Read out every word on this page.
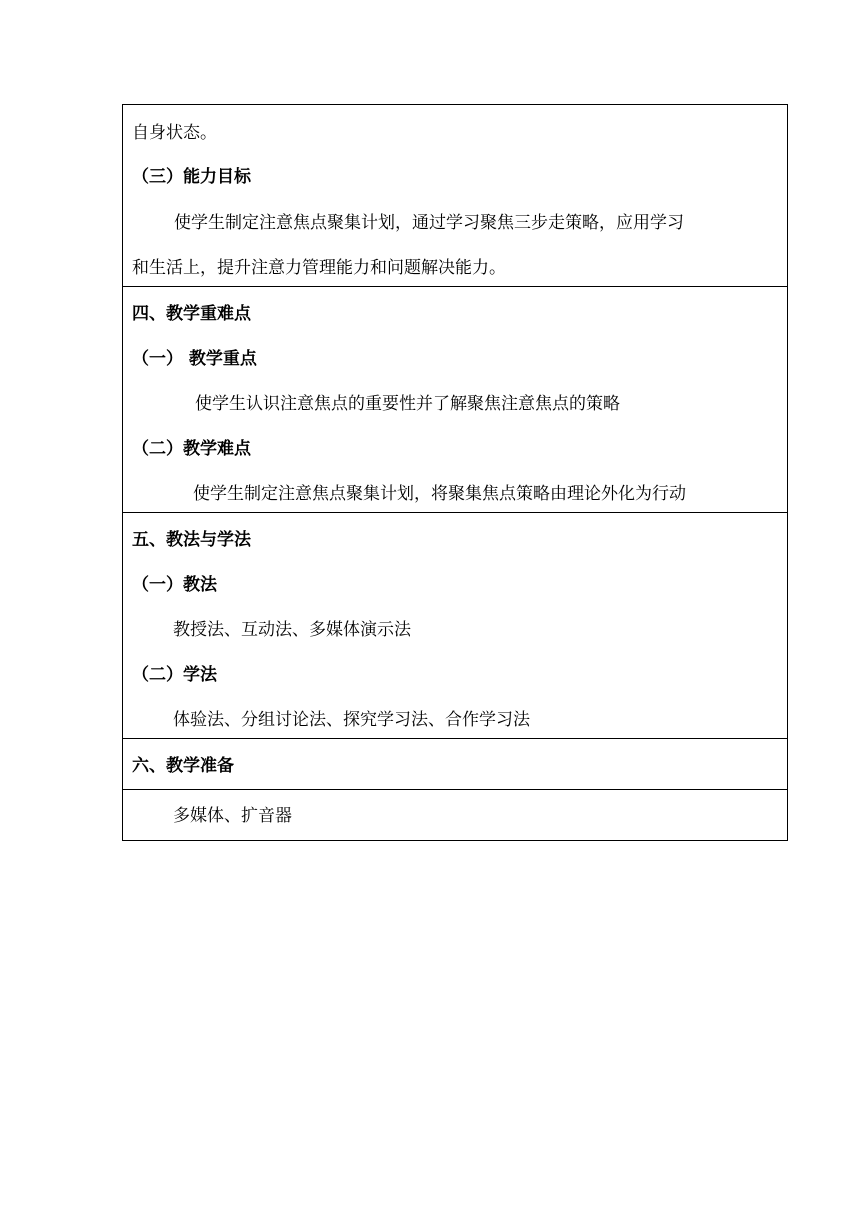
自身状态。
（三）能力目标
使学生制定注意焦点聚集计划，通过学习聚焦三步走策略，应用学习
和生活上，提升注意力管理能力和问题解决能力。
四、教学重难点
（一） 教学重点
使学生认识注意焦点的重要性并了解聚焦注意焦点的策略
（二）教学难点
使学生制定注意焦点聚集计划，将聚集焦点策略由理论外化为行动
五、教法与学法
（一）教法
教授法、互动法、多媒体演示法
（二）学法
体验法、分组讨论法、探究学习法、合作学习法
六、教学准备
多媒体、扩音器
